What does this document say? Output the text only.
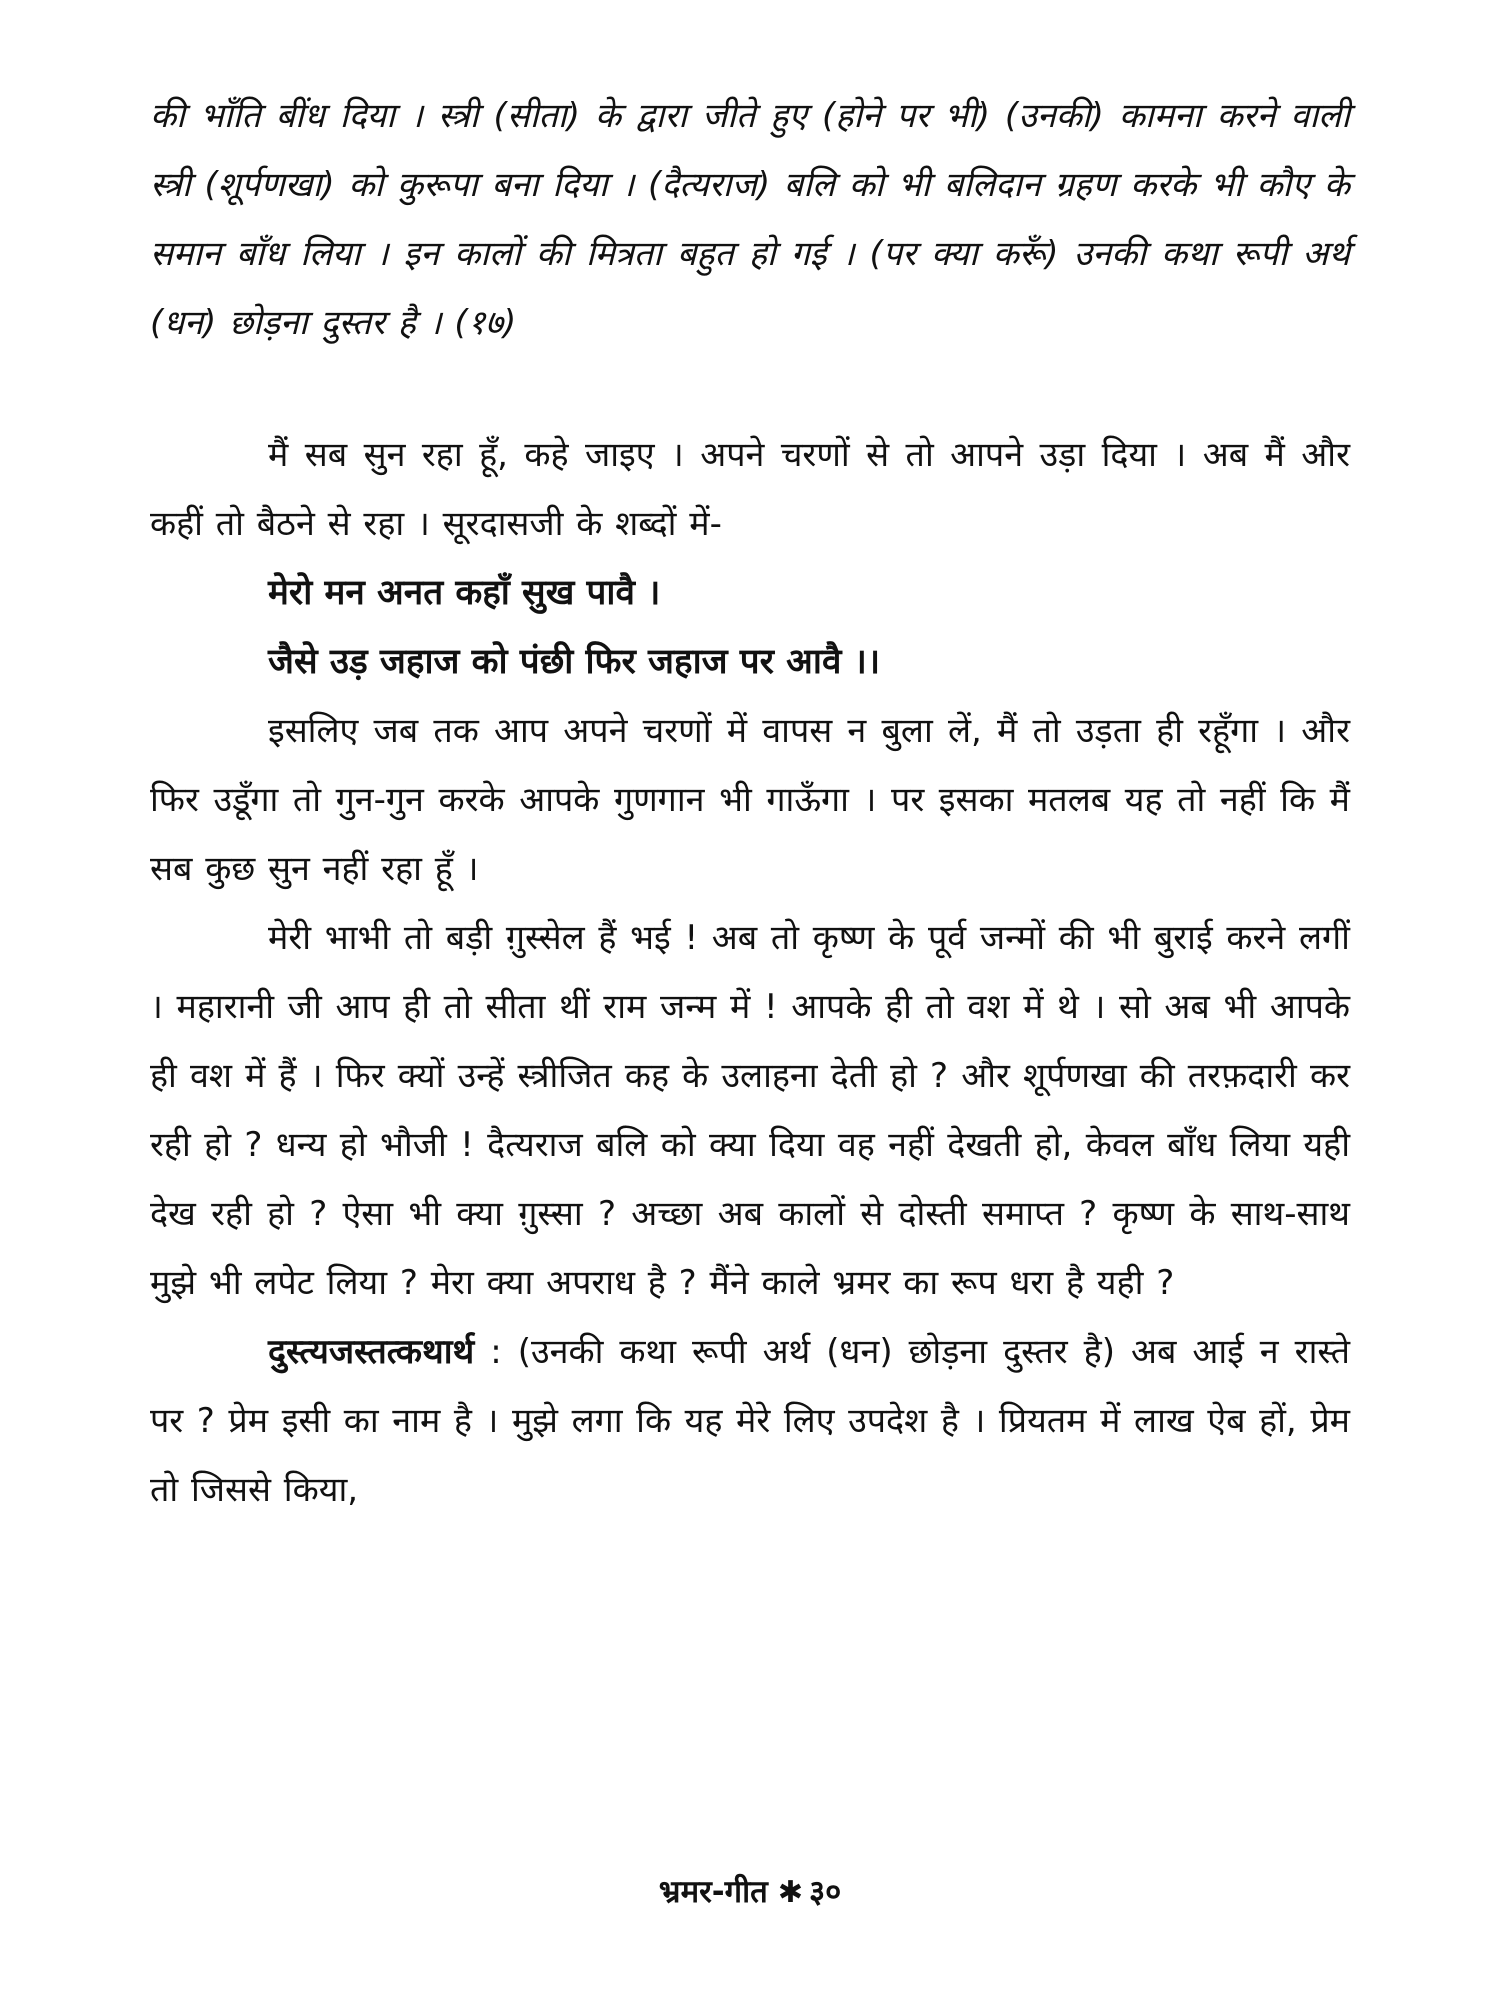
की भाँति बींध दिया । स्त्री (सीता) के द्वारा जीते हुए (होने पर भी) (उनकी) कामना करने वाली स्त्री (शूर्पणखा) को कुरूपा बना दिया । (दैत्यराज) बलि को भी बलिदान ग्रहण करके भी कौए के समान बाँध लिया । इन कालों की मित्रता बहुत हो गई । (पर क्या करूँ) उनकी कथा रूपी अर्थ (धन) छोड़ना दुस्तर है । (१७)

मैं सब सुन रहा हूँ, कहे जाइए । अपने चरणों से तो आपने उड़ा दिया । अब मैं और कहीं तो बैठने से रहा । सूरदासजी के शब्दों में-

मेरो मन अनत कहाँ सुख पावै ।

जैसे उड़ जहाज को पंछी फिर जहाज पर आवै ।।

इसलिए जब तक आप अपने चरणों में वापस न बुला लें, मैं तो उड़ता ही रहूँगा । और फिर उडूँगा तो गुन-गुन करके आपके गुणगान भी गाऊँगा । पर इसका मतलब यह तो नहीं कि मैं सब कुछ सुन नहीं रहा हूँ ।

मेरी भाभी तो बड़ी ग़ुस्सेल हैं भई ! अब तो कृष्ण के पूर्व जन्मों की भी बुराई करने लगीं । महारानी जी आप ही तो सीता थीं राम जन्म में ! आपके ही तो वश में थे । सो अब भी आपके ही वश में हैं । फिर क्यों उन्हें स्त्रीजित कह के उलाहना देती हो ? और शूर्पणखा की तरफ़दारी कर रही हो ? धन्य हो भौजी ! दैत्यराज बलि को क्या दिया वह नहीं देखती हो, केवल बाँध लिया यही देख रही हो ? ऐसा भी क्या ग़ुस्सा ? अच्छा अब कालों से दोस्ती समाप्त ? कृष्ण के साथ-साथ मुझे भी लपेट लिया ? मेरा क्या अपराध है ? मैंने काले भ्रमर का रूप धरा है यही ?

दुस्त्यजस्तत्कथार्थ : (उनकी कथा रूपी अर्थ (धन) छोड़ना दुस्तर है) अब आई न रास्ते पर ? प्रेम इसी का नाम है । मुझे लगा कि यह मेरे लिए उपदेश है । प्रियतम में लाख ऐब हों, प्रेम तो जिससे किया,

भ्रमर-गीत ✱ ३०
